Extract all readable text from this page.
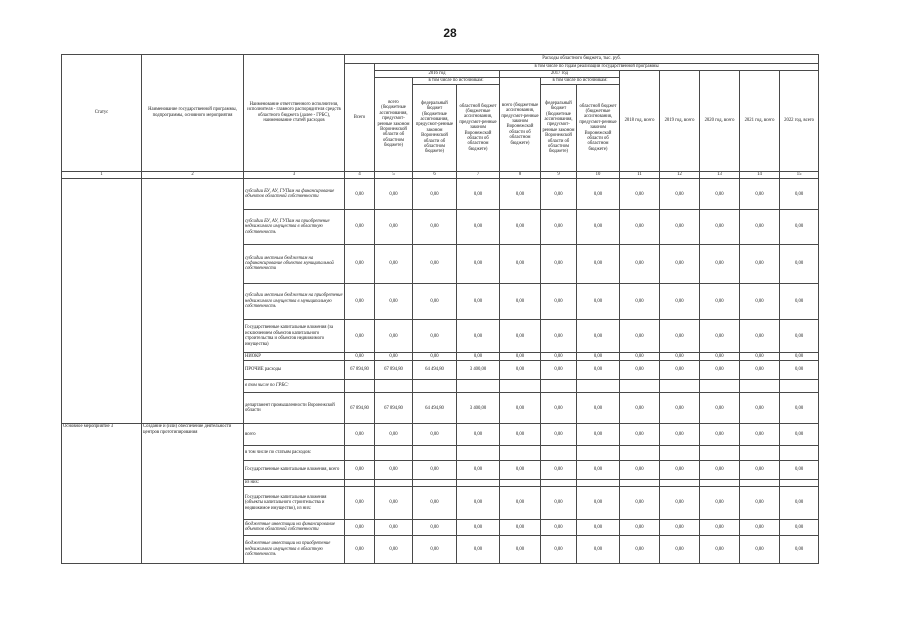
28
Статус	Наименование государственной программы, подпрограммы, основного мероприятия	Наименование ответственного исполнителя, исполнителя - главного распорядителя средств областного бюджета (далее - ГРБС), наименование статей расходов	Расходы областного бюджета, тыс. руб.											
			Всего	в том числе по годам реализации государственной программы										
				2016 год			2017 год			2018 год, всего	2019 год, всего	2020 год, всего	2021 год, всего	2022 год, всего
				всего (бюджетные ассигнования, предусмот-ренные законом Воронежской области об областном бюджете)	в том числе по источникам:		всего (бюджетные ассигнования, предусмот-ренные законом Воронежской области об областном бюджете)	в том числе по источникам:						
					федеральный бюджет (бюджетные ассигнования, предусмот-ренные законом Воронежской области об областном бюджете)	областной бюджет (бюджетные ассигнования, предусмот-ренные законом Воронежской области об областном бюджете)		федеральный бюджет (бюджетные ассигнования, предусмот-ренные законом Воронежской области об областном бюджете)	областной бюджет (бюджетные ассигнования, предусмот-ренные законом Воронежской области об областном бюджете)					
1	2	3	4	5	6	7	8	9	10	11	12	13	14	15
		субсидии БУ, АУ, ГУПам на финансирование объектов областной собственности	0,00	0,00	0,00	0,00	0,00	0,00	0,00	0,00	0,00	0,00	0,00	0,00
		субсидии БУ, АУ, ГУПам на приобретение недвижимого имущества в областную собственность	0,00	0,00	0,00	0,00	0,00	0,00	0,00	0,00	0,00	0,00	0,00	0,00
		субсидии местным бюджетам на софинансирование объектов муниципальной собственности	0,00	0,00	0,00	0,00	0,00	0,00	0,00	0,00	0,00	0,00	0,00	0,00
		субсидии местным бюджетам на приобретение недвижимого имущества в муниципальную собственность	0,00	0,00	0,00	0,00	0,00	0,00	0,00	0,00	0,00	0,00	0,00	0,00
		Государственные капитальные вложения (за исключением объектов капитального строительства и объектов недвижимого имущества)	0,00	0,00	0,00	0,00	0,00	0,00	0,00	0,00	0,00	0,00	0,00	0,00
		НИОКР	0,00	0,00	0,00	0,00	0,00	0,00	0,00	0,00	0,00	0,00	0,00	0,00
		ПРОЧИЕ расходы	67 894,80	67 894,80	64 494,80	3 400,00	0,00	0,00	0,00	0,00	0,00	0,00	0,00	0,00
		в том числе по ГРБС:												
		департамент промышленности Воронежской области	67 894,80	67 894,80	64 494,80	3 400,00	0,00	0,00	0,00	0,00	0,00	0,00	0,00	0,00
Основное мероприятие 3	Создание и (или) обеспечение деятельности центров прототипирования	всего	0,00	0,00	0,00	0,00	0,00	0,00	0,00	0,00	0,00	0,00	0,00	0,00
		в том числе по статьям расходов:												
		Государственные капитальные вложения, всего	0,00	0,00	0,00	0,00	0,00	0,00	0,00	0,00	0,00	0,00	0,00	0,00
		из них:												
		Государственные капитальные вложения (объекты капитального строительства и недвижимое имущество), из них:	0,00	0,00	0,00	0,00	0,00	0,00	0,00	0,00	0,00	0,00	0,00	0,00
		бюджетные инвестиции на финансирование объектов областной собственности	0,00	0,00	0,00	0,00	0,00	0,00	0,00	0,00	0,00	0,00	0,00	0,00
		бюджетные инвестиции на приобретение недвижимого имущества в областную собственность	0,00	0,00	0,00	0,00	0,00	0,00	0,00	0,00	0,00	0,00	0,00	0,00
